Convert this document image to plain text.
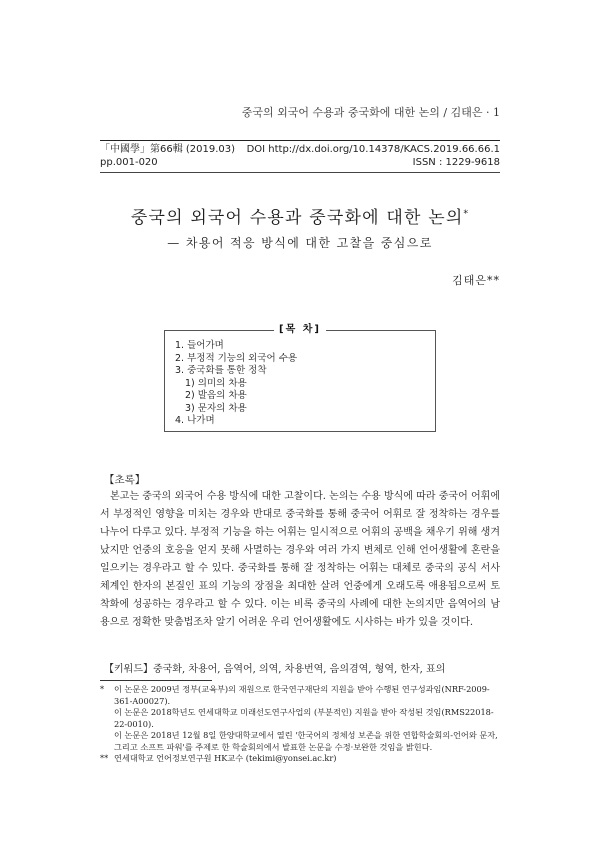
중국의 외국어 수용과 중국화에 대한 논의 / 김태은 · 1
「中國學」第66輯 (2019.03) DOI http://dx.doi.org/10.14378/KACS.2019.66.66.1
pp.001-020	ISSN : 1229-9618
중국의 외국어 수용과 중국화에 대한 논의*
— 차용어 적응 방식에 대한 고찰을 중심으로
김태은**
[목 차]
1. 들어가며
2. 부정적 기능의 외국어 수용
3. 중국화를 통한 정착
1) 의미의 차용
2) 발음의 차용
3) 문자의 차용
4. 나가며
【초록】

본고는 중국의 외국어 수용 방식에 대한 고찰이다. 논의는 수용 방식에 따라 중국어 어휘에서 부정적인 영향을 미치는 경우와 반대로 중국화를 통해 중국어 어휘로 잘 정착하는 경우를 나누어 다루고 있다. 부정적 기능을 하는 어휘는 일시적으로 어휘의 공백을 채우기 위해 생겨났지만 언중의 호응을 얻지 못해 사멸하는 경우와 여러 가지 변체로 인해 언어생활에 혼란을 일으키는 경우라고 할 수 있다. 중국화를 통해 잘 정착하는 어휘는 대체로 중국의 공식 서사체계인 한자의 본질인 표의 기능의 장점을 최대한 살려 언중에게 오래도록 애용됨으로써 토착화에 성공하는 경우라고 할 수 있다. 이는 비록 중국의 사례에 대한 논의지만 음역어의 남용으로 정확한 맞춤법조차 알기 어려운 우리 언어생활에도 시사하는 바가 있을 것이다.

【키워드】중국화, 차용어, 음역어, 의역, 차용번역, 음의겸역, 형역, 한자, 표의
* 이 논문은 2009년 정부(교육부)의 재원으로 한국연구재단의 지원을 받아 수행된 연구성과임(NRF-2009-361-A00027).
이 논문은 2018학년도 연세대학교 미래선도연구사업의 (부분적인) 지원을 받아 작성된 것임(RMS22018-22-0010).
이 논문은 2018년 12월 8일 한양대학교에서 열린 '한국어의 정체성 보존을 위한 연합학술회의-언어와 문자, 그리고 소프트 파워'를 주제로 한 학술회의에서 발표한 논문을 수정·보완한 것임을 밝힌다.
** 연세대학교 언어정보연구원 HK교수 (tekimi@yonsei.ac.kr)
